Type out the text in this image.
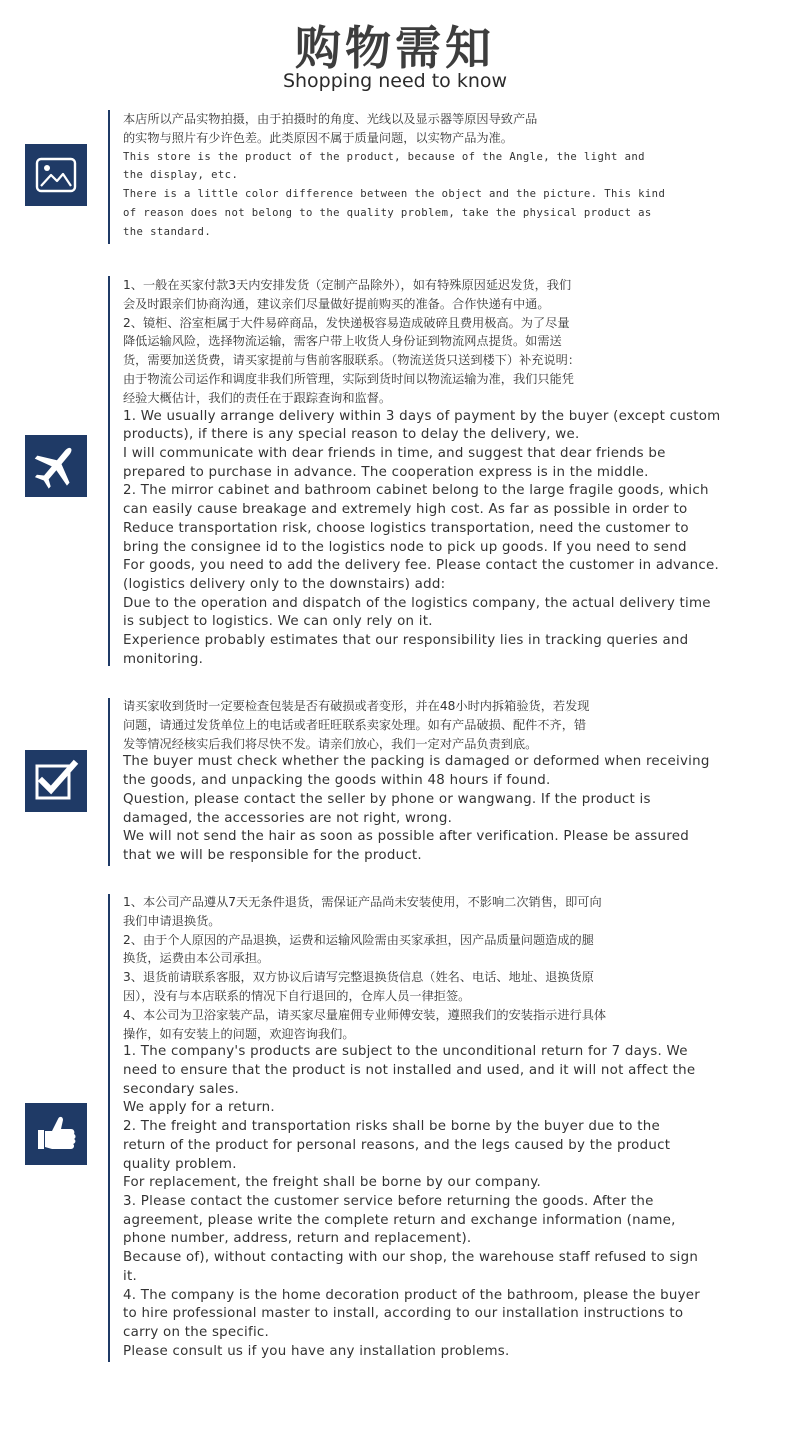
购物需知
Shopping need to know

本店所以产品实物拍摄，由于拍摄时的角度、光线以及显示器等原因导致产品
的实物与照片有少许色差。此类原因不属于质量问题，以实物产品为准。

This store is the product of the product, because of the Angle, the light and
the display, etc.
There is a little color difference between the object and the picture. This kind
of reason does not belong to the quality problem, take the physical product as
the standard.

1、一般在买家付款3天内安排发货（定制产品除外），如有特殊原因延迟发货，我们
会及时跟亲们协商沟通，建议亲们尽量做好提前购买的准备。合作快递有中通。
2、镜柜、浴室柜属于大件易碎商品，发快递极容易造成破碎且费用极高。为了尽量
降低运输风险，选择物流运输，需客户带上收货人身份证到物流网点提货。如需送
货，需要加送货费，请买家提前与售前客服联系。（物流送货只送到楼下）补充说明：
由于物流公司运作和调度非我们所管理，实际到货时间以物流运输为准，我们只能凭
经验大概估计，我们的责任在于跟踪查询和监督。

1. We usually arrange delivery within 3 days of payment by the buyer (except custom
products), if there is any special reason to delay the delivery, we.
I will communicate with dear friends in time, and suggest that dear friends be
prepared to purchase in advance. The cooperation express is in the middle.
2. The mirror cabinet and bathroom cabinet belong to the large fragile goods, which
can easily cause breakage and extremely high cost. As far as possible in order to
Reduce transportation risk, choose logistics transportation, need the customer to
bring the consignee id to the logistics node to pick up goods. If you need to send
For goods, you need to add the delivery fee. Please contact the customer in advance.
(logistics delivery only to the downstairs) add:
Due to the operation and dispatch of the logistics company, the actual delivery time
is subject to logistics. We can only rely on it.
Experience probably estimates that our responsibility lies in tracking queries and
monitoring.

请买家收到货时一定要检查包装是否有破损或者变形，并在48小时内拆箱验货，若发现
问题，请通过发货单位上的电话或者旺旺联系卖家处理。如有产品破损、配件不齐，错
发等情况经核实后我们将尽快不发。请亲们放心，我们一定对产品负责到底。

The buyer must check whether the packing is damaged or deformed when receiving
the goods, and unpacking the goods within 48 hours if found.
Question, please contact the seller by phone or wangwang. If the product is
damaged, the accessories are not right, wrong.
We will not send the hair as soon as possible after verification. Please be assured
that we will be responsible for the product.

1、本公司产品遵从7天无条件退货，需保证产品尚未安装使用，不影响二次销售，即可向
我们申请退换货。
2、由于个人原因的产品退换，运费和运输风险需由买家承担，因产品质量问题造成的腿
换货，运费由本公司承担。
3、退货前请联系客服，双方协议后请写完整退换货信息（姓名、电话、地址、退换货原
因），没有与本店联系的情况下自行退回的，仓库人员一律拒签。
4、本公司为卫浴家装产品，请买家尽量雇佣专业师傅安装，遵照我们的安装指示进行具体
操作，如有安装上的问题，欢迎咨询我们。

1. The company's products are subject to the unconditional return for 7 days. We
need to ensure that the product is not installed and used, and it will not affect the
secondary sales.
We apply for a return.
2. The freight and transportation risks shall be borne by the buyer due to the
return of the product for personal reasons, and the legs caused by the product
quality problem.
For replacement, the freight shall be borne by our company.
3. Please contact the customer service before returning the goods. After the
agreement, please write the complete return and exchange information (name,
phone number, address, return and replacement).
Because of), without contacting with our shop, the warehouse staff refused to sign
it.
4. The company is the home decoration product of the bathroom, please the buyer
to hire professional master to install, according to our installation instructions to
carry on the specific.
Please consult us if you have any installation problems.
